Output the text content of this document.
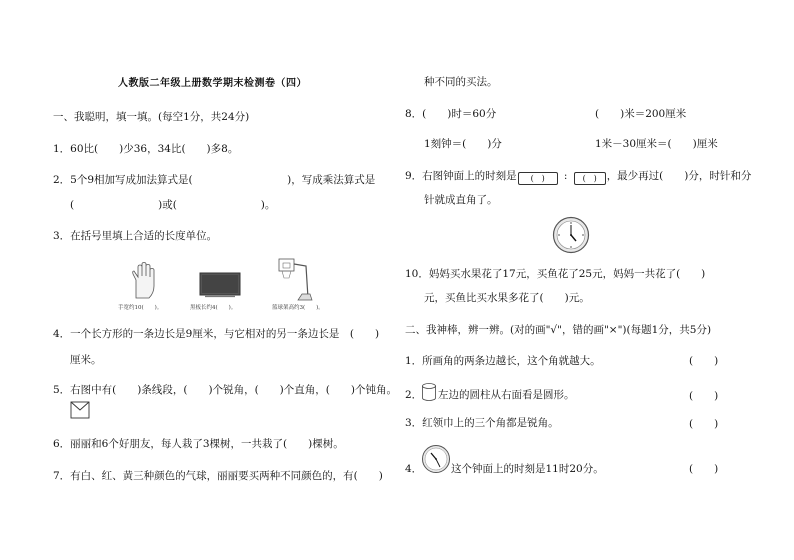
人教版二年级上册数学期末检测卷（四）
一、我聪明，填一填。(每空1分，共24分)
1．60比(　　)少36，34比(　　)多8。
2．5个9相加写成加法算式是(　　　　　　　　　)，写成乘法算式是
(　　　　　　　　)或(　　　　　　　　)。
3．在括号里填上合适的长度单位。
手宽约10(　　)。	黑板长约4(　　)。	篮球架高约3(　　)。
4．一个长方形的一条边长是9厘米，与它相对的另一条边长是　(　　)
厘米。
5．右图中有(　　)条线段，(　　)个锐角，(　　)个直角，(　　)个钝角。
6．丽丽和6个好朋友，每人栽了3棵树，一共栽了(　　)棵树。
7．有白、红、黄三种颜色的气球，丽丽要买两种不同颜色的，有(　　)
种不同的买法。
8．(　　)时＝60分	(　　)米＝200厘米
1刻钟＝(　　)分	1米－30厘米＝(　　)厘米
9．右图钟面上的时刻是 (　) : (　) ，最少再过(　　)分，时针和分
针就成直角了。
10．妈妈买水果花了17元，买鱼花了25元，妈妈一共花了(　　)
元，买鱼比买水果多花了(　　)元。
二、我神棒，辨一辨。(对的画"√"，错的画"×")(每题1分，共5分)
1．所画角的两条边越长，这个角就越大。	(　　)
2． 左边的圆柱从右面看是圆形。	(　　)
3．红领巾上的三个角都是锐角。	(　　)
4．	这个钟面上的时刻是11时20分。	(　　)
